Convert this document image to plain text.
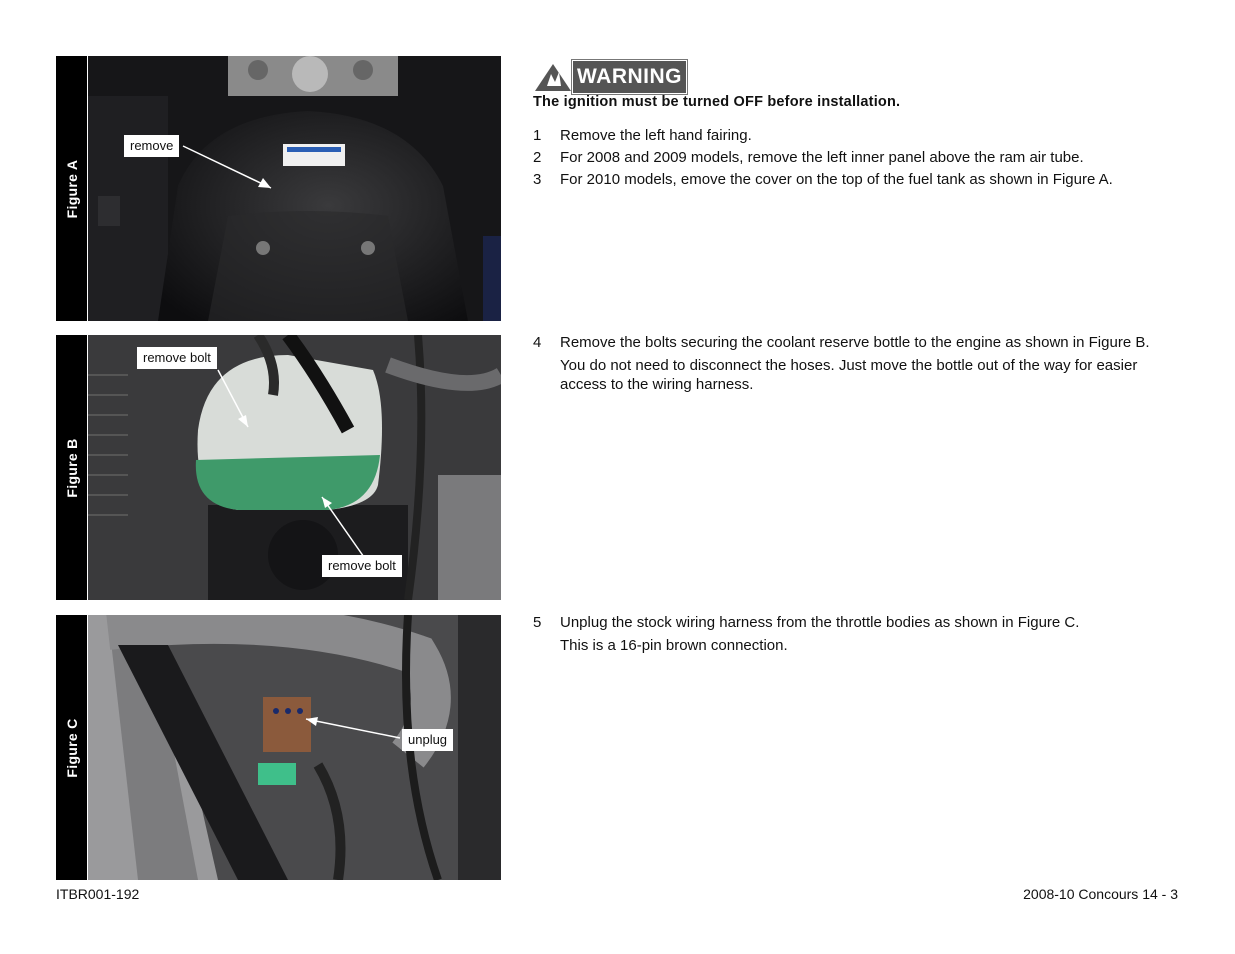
Figure A
remove
Figure B
remove bolt
remove bolt
Figure C	unplug
WARNING
The ignition must be turned OFF before installation.
1	Remove the left hand fairing.
2	For 2008 and 2009 models, remove the left inner panel above the ram air tube.
3	For 2010 models, emove the cover on the top of the fuel tank as shown in Figure A.
4	Remove the bolts securing the coolant reserve bottle to the engine as shown in Figure B.
You do not need to disconnect the hoses. Just move the bottle out of the way for easier access to the wiring harness.
5	Unplug the stock wiring harness from the throttle bodies as shown in Figure C.
This is a 16-pin brown connection.
ITBR001-192	2008-10 Concours 14 - 3
